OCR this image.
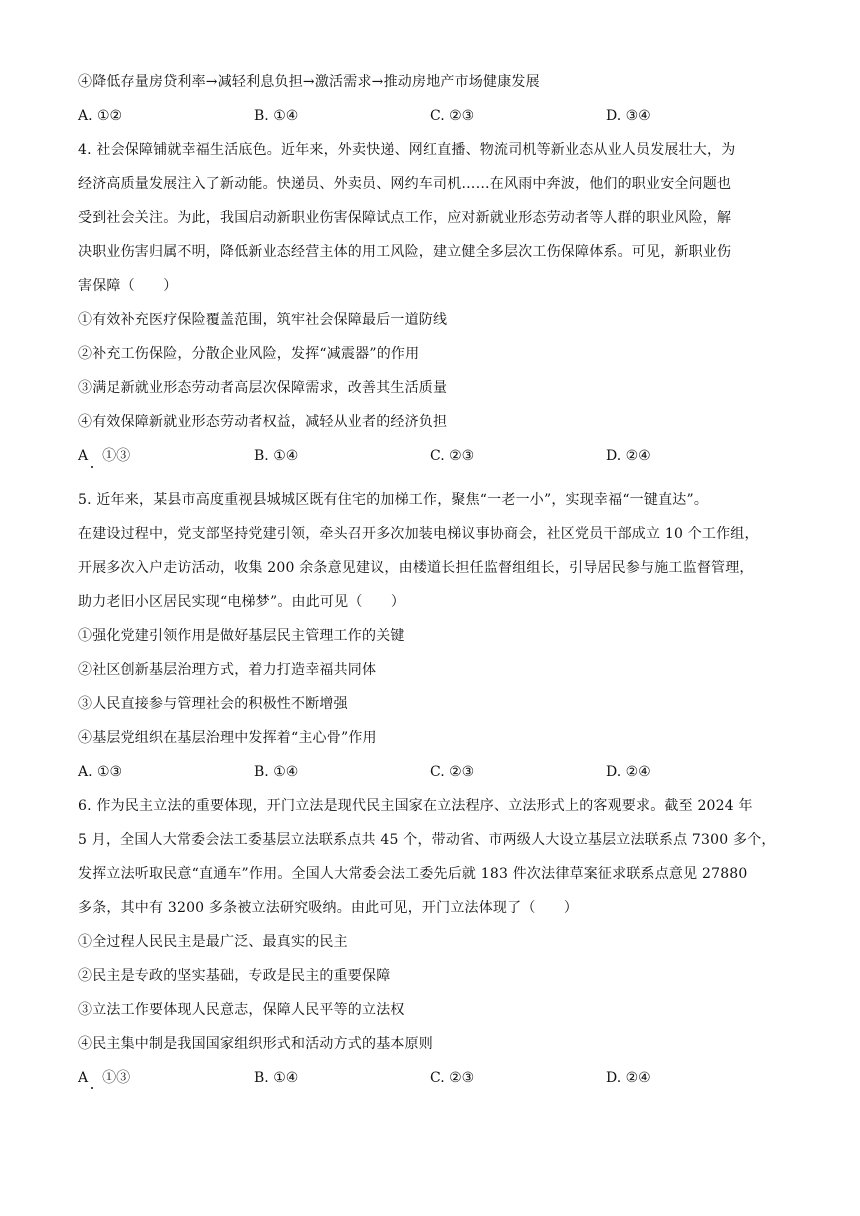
④降低存量房贷利率→减轻利息负担→激活需求→推动房地产市场健康发展
A. ①②	B. ①④	C. ②③	D. ③④
4. 社会保障铺就幸福生活底色。近年来，外卖快递、网红直播、物流司机等新业态从业人员发展壮大，为
经济高质量发展注入了新动能。快递员、外卖员、网约车司机……在风雨中奔波，他们的职业安全问题也
受到社会关注。为此，我国启动新职业伤害保障试点工作，应对新就业形态劳动者等人群的职业风险，解
决职业伤害归属不明，降低新业态经营主体的用工风险，建立健全多层次工伤保障体系。可见，新职业伤
害保障（　　）
①有效补充医疗保险覆盖范围，筑牢社会保障最后一道防线
②补充工伤保险，分散企业风险，发挥“减震器”的作用
③满足新就业形态劳动者高层次保障需求，改善其生活质量
④有效保障新就业形态劳动者权益，减轻从业者的经济负担
A　①③	B. ①④	C. ②③	D. ②④
5. 近年来，某县市高度重视县城城区既有住宅的加梯工作，聚焦“一老一小”，实现幸福“一键直达”。
在建设过程中，党支部坚持党建引领，牵头召开多次加装电梯议事协商会，社区党员干部成立 10 个工作组，
开展多次入户走访活动，收集 200 余条意见建议，由楼道长担任监督组组长，引导居民参与施工监督管理，
助力老旧小区居民实现“电梯梦”。由此可见（　　）
①强化党建引领作用是做好基层民主管理工作的关键
②社区创新基层治理方式，着力打造幸福共同体
③人民直接参与管理社会的积极性不断增强
④基层党组织在基层治理中发挥着“主心骨”作用
A. ①③	B. ①④	C. ②③	D. ②④
6. 作为民主立法的重要体现，开门立法是现代民主国家在立法程序、立法形式上的客观要求。截至 2024 年
5 月，全国人大常委会法工委基层立法联系点共 45 个，带动省、市两级人大设立基层立法联系点 7300 多个，
发挥立法听取民意“直通车”作用。全国人大常委会法工委先后就 183 件次法律草案征求联系点意见 27880
多条，其中有 3200 多条被立法研究吸纳。由此可见，开门立法体现了（　　）
①全过程人民民主是最广泛、最真实的民主
②民主是专政的坚实基础，专政是民主的重要保障
③立法工作要体现人民意志，保障人民平等的立法权
④民主集中制是我国国家组织形式和活动方式的基本原则
A　①③	B. ①④	C. ②③	D. ②④
